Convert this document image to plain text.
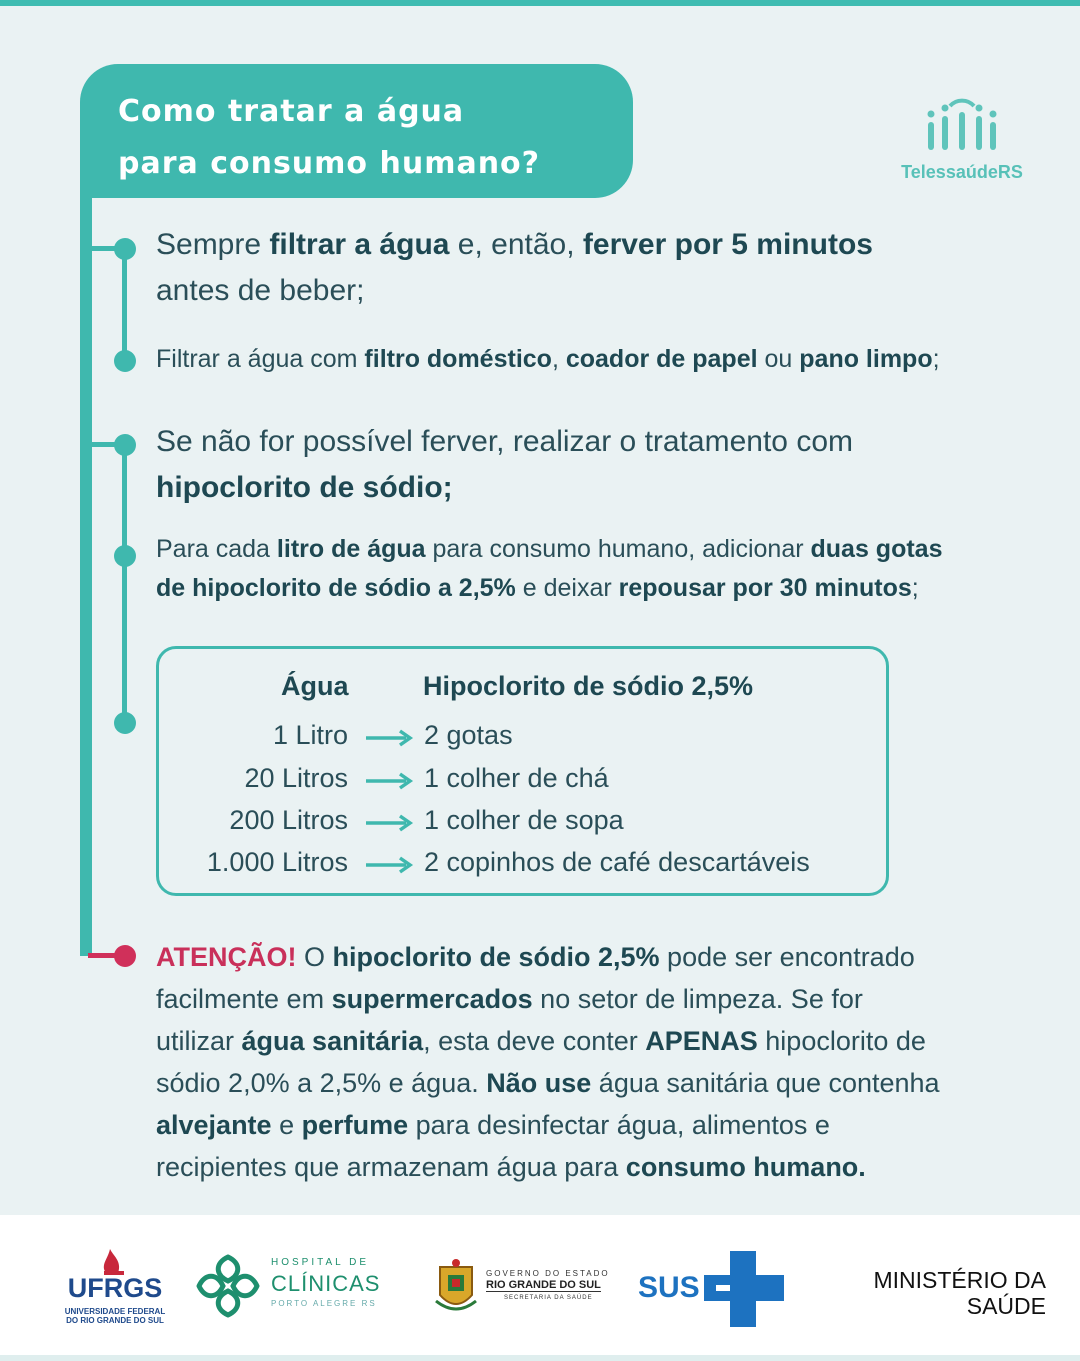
Como tratar a água
para consumo humano?	TelessaúdeRS
Sempre filtrar a água e, então, ferver por 5 minutos
antes de beber;
Filtrar a água com filtro doméstico, coador de papel ou pano limpo;
Se não for possível ferver, realizar o tratamento com
hipoclorito de sódio;
Para cada litro de água para consumo humano, adicionar duas gotas
de hipoclorito de sódio a 2,5% e deixar repousar por 30 minutos;
Água	Hipoclorito de sódio 2,5%
1 Litro	2 gotas
20 Litros	1 colher de chá
200 Litros	1 colher de sopa
1.000 Litros	2 copinhos de café descartáveis
ATENÇÃO! O hipoclorito de sódio 2,5% pode ser encontrado
facilmente em supermercados no setor de limpeza. Se for
utilizar água sanitária, esta deve conter APENAS hipoclorito de
sódio 2,0% a 2,5% e água. Não use água sanitária que contenha
alvejante e perfume para desinfectar água, alimentos e
recipientes que armazenam água para consumo humano.
UFRGS
UNIVERSIDADE FEDERAL
DO RIO GRANDE DO SUL
HOSPITAL DE
CLÍNICAS
PORTO ALEGRE RS
GOVERNO DO ESTADO
RIO GRANDE DO SUL
SECRETARIA DA SAÚDE SUS	MINISTÉRIO DA
SAÚDE
